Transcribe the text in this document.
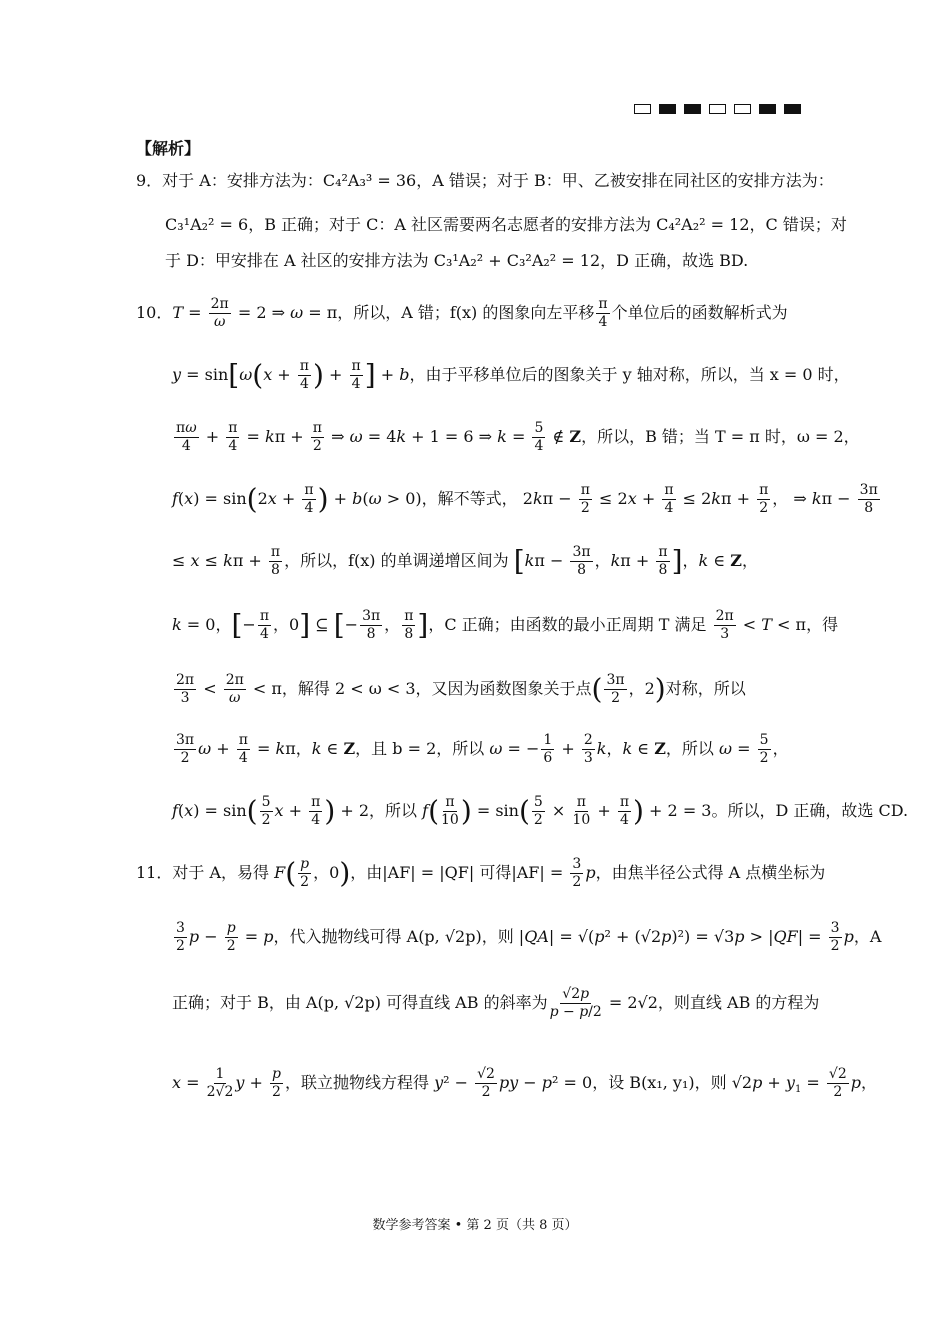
【解析】
9．对于 A：安排方法为：C₄²A₃³ = 36，A 错误；对于 B：甲、乙被安排在同社区的安排方法为：
C₃¹A₂² = 6，B 正确；对于 C：A 社区需要两名志愿者的安排方法为 C₄²A₂² = 12，C 错误；对
于 D：甲安排在 A 社区的安排方法为 C₃¹A₂² + C₃²A₂² = 12，D 正确，故选 BD.
10．$T = \frac{2\pi}{\omega} = 2$ ⇒ ω = π，所以，A 错；f(x) 的图象向左平移 $\frac{\pi}{4}$ 个单位后的函数解析式为
$y = \sin[\omega(x + \frac{\pi}{4}$ ) + $\frac{\pi}{4}$ ] + b，由于平移单位后的图象关于 y 轴对称，所以，当 x = 0 时，
$\frac{\pi\omega}{4} + \frac{\pi}{4} = k\pi + \frac{\pi}{2}$ ⇒ ω = 4k + 1 = 6 ⇒ $k = \frac{5}{4}$ ∉ Z，所以，B 错；当 T = π 时，ω = 2，
$f(x) = \sin(2x + \frac{\pi}{4}$ ) + b(ω > 0)，解不等式， $2k\pi - \frac{\pi}{2} \le 2x + \frac{\pi}{4} \le 2k\pi + \frac{\pi}{2}$ ， ⇒ $k\pi - \frac{3\pi}{8}$
≤ $x \le k\pi + \frac{\pi}{8}$ ，所以，f(x) 的单调递增区间为 [$k\pi - \frac{3\pi}{8}$ ，$k\pi + \frac{\pi}{8}$ ]，k ∈ Z，
k = 0，[− $\frac{\pi}{4}$ ，0] ⊆ [− $\frac{3\pi}{8}$ ， $\frac{\pi}{8}$ ]，C 正确；由函数的最小正周期 T 满足 $\frac{2\pi}{3} < T < \pi$，得
$\frac{2\pi}{3} < \frac{2\pi}{\omega} < \pi$，解得 2 < ω < 3，又因为函数图象关于点( $\frac{3\pi}{2}$ ，2)对称，所以
$\frac{3\pi}{2}$ $\omega + \frac{\pi}{4} = k\pi$，k ∈ Z，且 b = 2，所以 ω = − $\frac{1}{6} + \frac{2}{3}$ k，k ∈ Z，所以 $\omega = \frac{5}{2}$ ，
$f(x) = \sin( \frac{5}{2}$ $x + \frac{\pi}{4}$ ) + 2，所以 $f( \frac{\pi}{10}$ ) = $\sin( \frac{5}{2} \times \frac{\pi}{10} + \frac{\pi}{4}$ ) + 2 = 3。所以，D 正确，故选 CD.
11．对于 A，易得 $F( \frac{p}{2}$ ，0)，由|AF| = |QF| 可得$|AF| = \frac{3}{2}$ p，由焦半径公式得 A 点横坐标为
$\frac{3}{2}$ $p - \frac{p}{2} = p$，代入抛物线可得 A(p, √2p)，则 $|QA| = √(p^2 + (√2p)^2) = √3p > |QF| = \frac{3}{2}$ p，A
正确；对于 B，由 A(p, √2p) 可得直线 AB 的斜率为 $\frac{√2p}{p - p/2} = 2√2$，则直线 AB 的方程为
$x = \frac{1}{2√2}$ $y + \frac{p}{2}$ ，联立抛物线方程得 $y^2 - \frac{√2}{2}$ py − p² = 0，设 B(x₁, y₁)，则 $√2p + y_1 = \frac{√2}{2}$ p，
数学参考答案 • 第 2 页（共 8 页）
